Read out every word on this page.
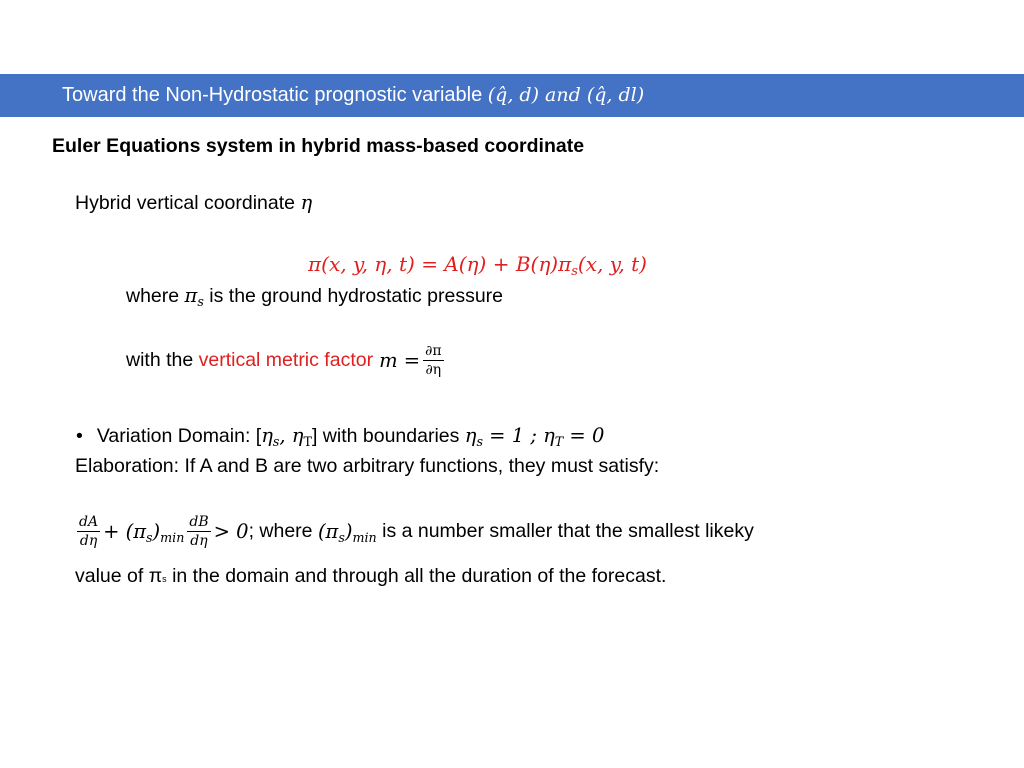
Toward the Non-Hydrostatic prognostic variable (q̂, d) and (q̂, dl)
Euler Equations system in hybrid mass-based coordinate
Hybrid vertical coordinate η
π(x, y, η, $t) = A(\eta) + B(\eta)\pi_s(x$, y, t)
where $\pi_s$ is the ground hydrostatic pressure
with the vertical metric factor $m = \frac{\partial\pi}{\partial\eta}$
• Variation Domain: [$\eta_s$, $\eta_T$] with boundaries $\eta_s = 1$ ; $\eta_T = 0$
Elaboration: If A and B are two arbitrary functions, they must satisfy:
$\frac{dA}{d\eta} + (\pi_s)_{min} \frac{dB}{d\eta} > 0$ ; where $(\pi_s)_{min}$ is a number smaller that the smallest likeky
value of πs in the domain and through all the duration of the forecast.
